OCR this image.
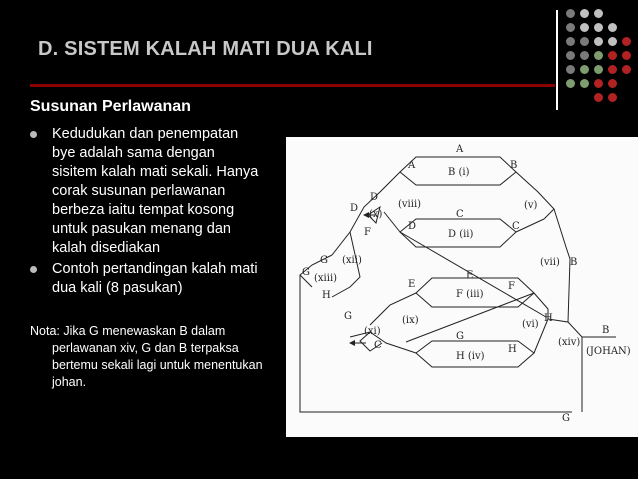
D. SISTEM KALAH MATI DUA KALI
Susunan Perlawanan
Kedudukan dan penempatan bye adalah sama dengan sisitem kalah mati sekali. Hanya corak susunan perlawanan berbeza iaitu tempat kosong untuk pasukan menang dan kalah disediakan
Contoh pertandingan kalah mati dua kali (8 pasukan)
Nota: Jika G menewaskan B dalam
perlawanan xiv, G dan B terpaksa bertemu sekali lagi untuk menentukan johan.
A
A	B
B (i)
D
D
(x)
(viii)	(v)
C
D	C
D (ii)
F
G (xii)
G
(xiii)
H
E
E	F
F (iii)
(vii) B
(ix)	(vi)
H
G
(xi)
C
G
H (iv)
H
(xiv)
B
(JOHAN)
G
